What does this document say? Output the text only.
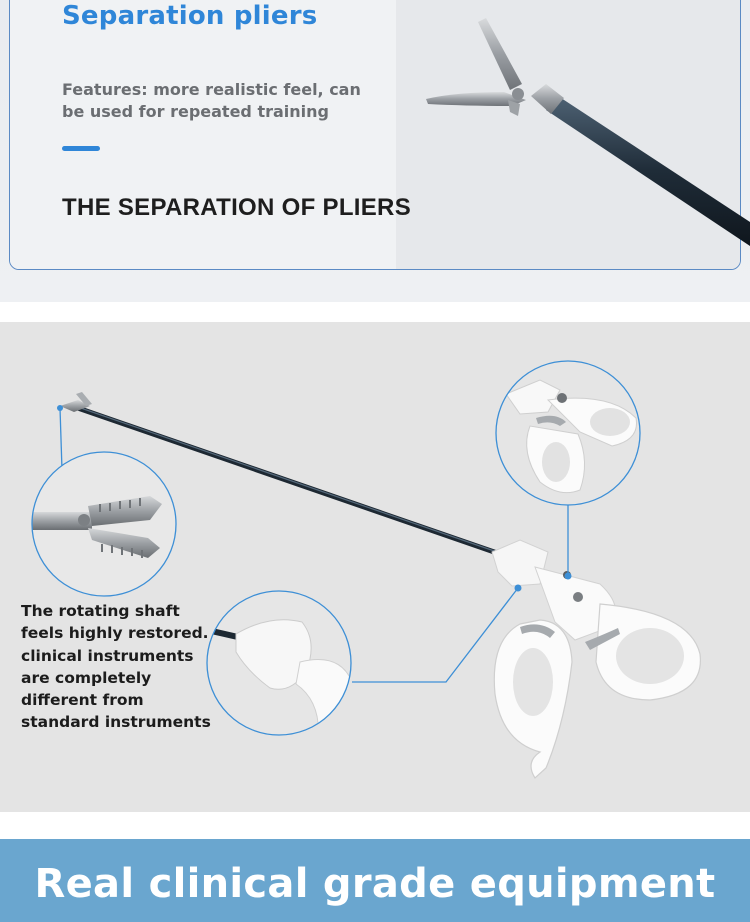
Separation pliers

Features: more realistic feel, can be used for repeated training

THE SEPARATION OF PLIERS

The rotating shaft feels highly restored. clinical instruments are completely different from standard instruments

Real clinical grade equipment
